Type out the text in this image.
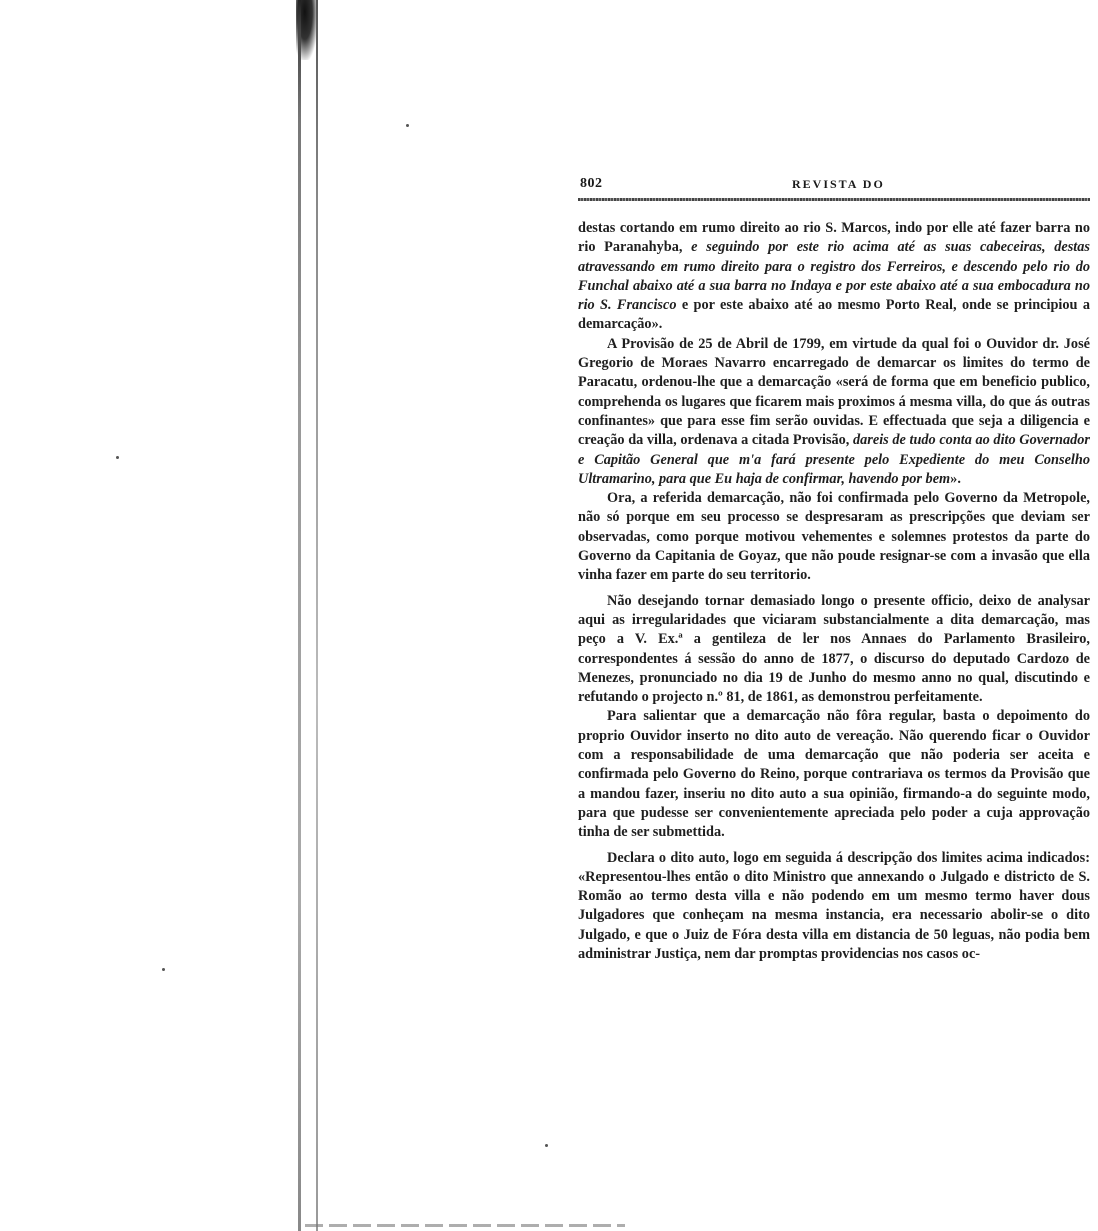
802	REVISTA DO

destas cortando em rumo direito ao rio S. Marcos, indo por elle até fazer barra no rio Paranahyba, e seguindo por este rio acima até as suas cabeceiras, destas atravessando em rumo direito para o registro dos Ferreiros, e descendo pelo rio do Funchal abaixo até a sua barra no Indaya e por este abaixo até a sua embocadura no rio S. Francisco e por este abaixo até ao mesmo Porto Real, onde se principiou a demarcação».

A Provisão de 25 de Abril de 1799, em virtude da qual foi o Ouvidor dr. José Gregorio de Moraes Navarro encarregado de demarcar os limites do termo de Paracatu, ordenou-lhe que a demarcação «será de forma que em beneficio publico, comprehenda os lugares que ficarem mais proximos á mesma villa, do que ás outras confinantes» que para esse fim serão ouvidas. E effectuada que seja a diligencia e creação da villa, ordenava a citada Provisão, dareis de tudo conta ao dito Governador e Capitão General que m'a fará presente pelo Expediente do meu Conselho Ultramarino, para que Eu haja de confirmar, havendo por bem».

Ora, a referida demarcação, não foi confirmada pelo Governo da Metropole, não só porque em seu processo se despresaram as prescripções que deviam ser observadas, como porque motivou vehementes e solemnes protestos da parte do Governo da Capitania de Goyaz, que não poude resignar-se com a invasão que ella vinha fazer em parte do seu territorio.

Não desejando tornar demasiado longo o presente officio, deixo de analysar aqui as irregularidades que viciaram substancialmente a dita demarcação, mas peço a V. Ex.ª a gentileza de ler nos Annaes do Parlamento Brasileiro, correspondentes á sessão do anno de 1877, o discurso do deputado Cardozo de Menezes, pronunciado no dia 19 de Junho do mesmo anno no qual, discutindo e refutando o projecto n.º 81, de 1861, as demonstrou perfeitamente.

Para salientar que a demarcação não fôra regular, basta o depoimento do proprio Ouvidor inserto no dito auto de vereação. Não querendo ficar o Ouvidor com a responsabilidade de uma demarcação que não poderia ser aceita e confirmada pelo Governo do Reino, porque contrariava os termos da Provisão que a mandou fazer, inseriu no dito auto a sua opinião, firmando-a do seguinte modo, para que pudesse ser convenientemente apreciada pelo poder a cuja approvação tinha de ser submettida.

Declara o dito auto, logo em seguida á descripção dos limites acima indicados: «Representou-lhes então o dito Ministro que annexando o Julgado e districto de S. Romão ao termo desta villa e não podendo em um mesmo termo haver dous Julgadores que conheçam na mesma instancia, era necessario abolir-se o dito Julgado, e que o Juiz de Fóra desta villa em distancia de 50 leguas, não podia bem administrar Justiça, nem dar promptas providencias nos casos oc-
